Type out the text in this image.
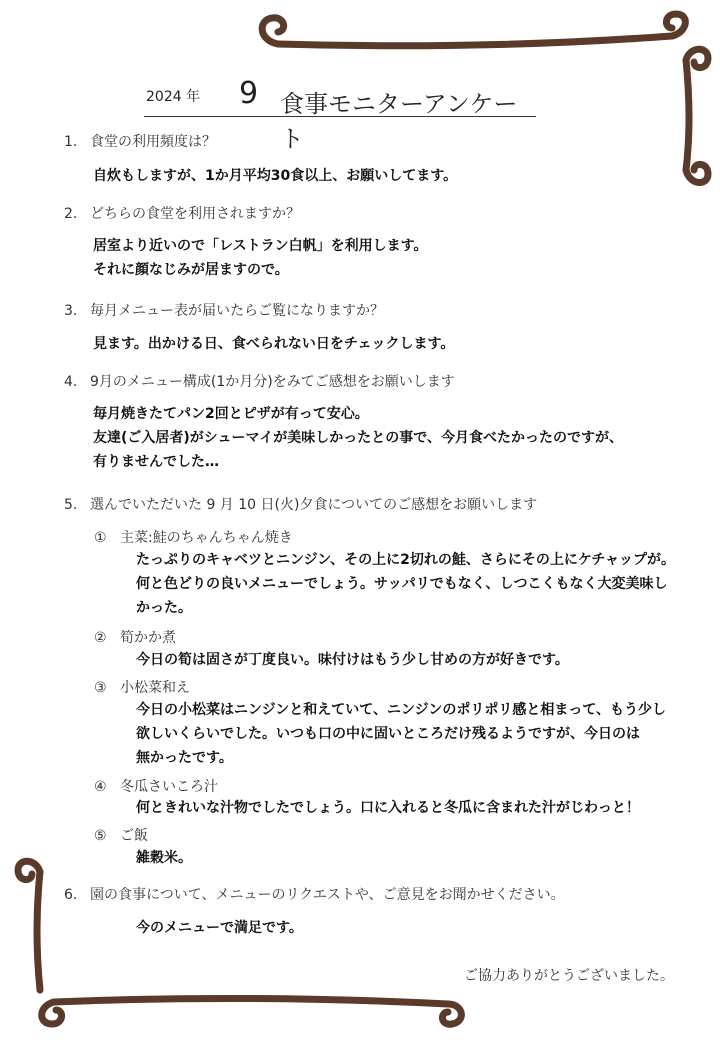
2024 年 9 食事モニターアンケート
1. 食堂の利用頻度は？
自炊もしますが、1か月平均30食以上、お願いしてます。
2. どちらの食堂を利用されますか？
居室より近いので「レストラン白帆」を利用します。
それに顔なじみが居ますので。
3. 毎月メニュー表が届いたらご覧になりますか？
見ます。出かける日、食べられない日をチェックします。
4. 9月のメニュー構成(1か月分)をみてご感想をお願いします
毎月焼きたてパン2回とピザが有って安心。
友達(ご入居者)がシューマイが美味しかったとの事で、今月食べたかったのですが、
有りませんでした…
5. 選んでいただいた 9 月 10 日(火)夕食についてのご感想をお願いします
① 主菜:鮭のちゃんちゃん焼き
たっぷりのキャベツとニンジン、その上に2切れの鮭、さらにその上にケチャップが。
何と色どりの良いメニューでしょう。サッパリでもなく、しつこくもなく大変美味し
かった。
② 筍かか煮
今日の筍は固さが丁度良い。味付けはもう少し甘めの方が好きです。
③ 小松菜和え
今日の小松菜はニンジンと和えていて、ニンジンのポリポリ感と相まって、もう少し
欲しいくらいでした。いつも口の中に固いところだけ残るようですが、今日のは
無かったです。
④ 冬瓜さいころ汁
何ときれいな汁物でしたでしょう。口に入れると冬瓜に含まれた汁がじわっと！
⑤ ご飯
雑穀米。
6. 園の食事について、メニューのリクエストや、ご意見をお聞かせください。
今のメニューで満足です。
ご協力ありがとうございました。
